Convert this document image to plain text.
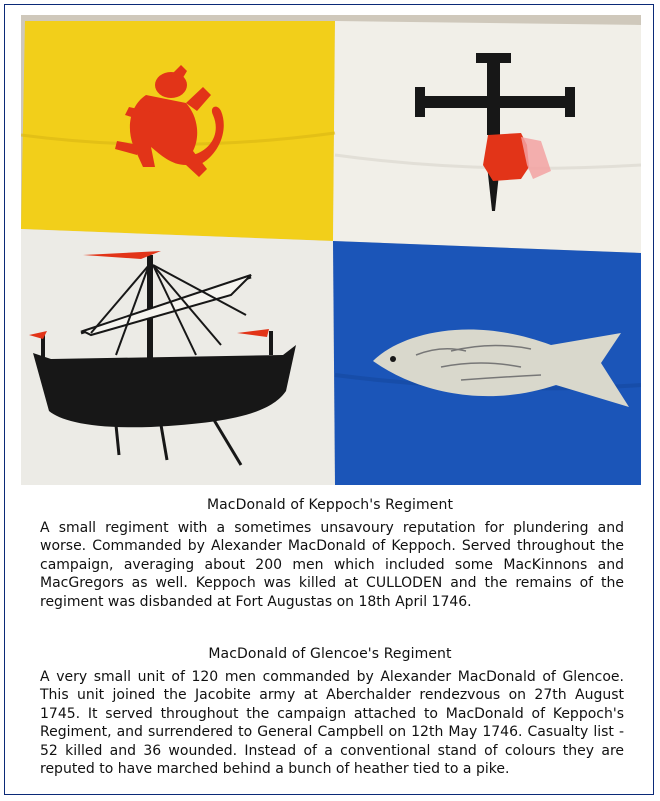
MacDonald of Keppoch's Regiment
A small regiment with a sometimes unsavoury reputation for plundering and worse. Commanded by Alexander MacDonald of Keppoch. Served throughout the campaign, averaging about 200 men which included some MacKinnons and MacGregors as well. Keppoch was killed at CULLODEN and the remains of the regiment was disbanded at Fort Augustas on 18th April 1746.
MacDonald of Glencoe's Regiment
A very small unit of 120 men commanded by Alexander MacDonald of Glencoe. This unit joined the Jacobite army at Aberchalder rendezvous on 27th August 1745. It served throughout the campaign attached to MacDonald of Keppoch's Regiment, and surrendered to General Campbell on 12th May 1746. Casualty list - 52 killed and 36 wounded. Instead of a conventional stand of colours they are reputed to have marched behind a bunch of heather tied to a pike.
